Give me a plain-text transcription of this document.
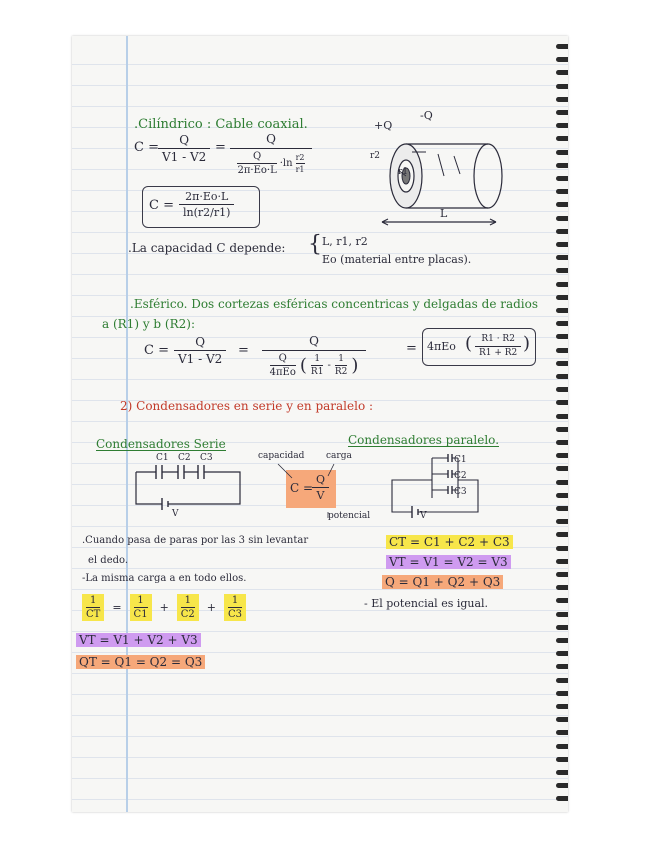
.Cilíndrico : Cable coaxial.
C =	Q
V1 - V2
=
Q
Q
2π·Eo·L
·ln
r2
r1
C =
2π·Eo·L
ln(r2/r1)
+Q
-Q
r2
r1
L
.La capacidad C depende: { L, r1, r2
Eo (material entre placas).
.Esférico. Dos cortezas esféricas concentricas y delgadas de radios
a (R1) y b (R2):
C =
Q
V1 - V2
=
Q
Q
4πEo ( 1
R1
-
1
R2 )
= 4πEo (	R1 · R2
R1 + R2 )
2) Condensadores en serie y en paralelo :
Condensadores Serie
C1 C2 C3
V
capacidad carga
C =
Q
V
potencial
Condensadores paralelo.
C1
C2
C3
V
.Cuando pasa de paras por las 3 sin levantar
el dedo.
-La misma carga a en todo ellos.
1
CT
=
1
C1
+
1
C2
+
1
C3
VT = V1 + V2 + V3
QT = Q1 = Q2 = Q3
CT = C1 + C2 + C3
VT = V1 = V2 = V3
Q = Q1 + Q2 + Q3
- El potencial es igual.
